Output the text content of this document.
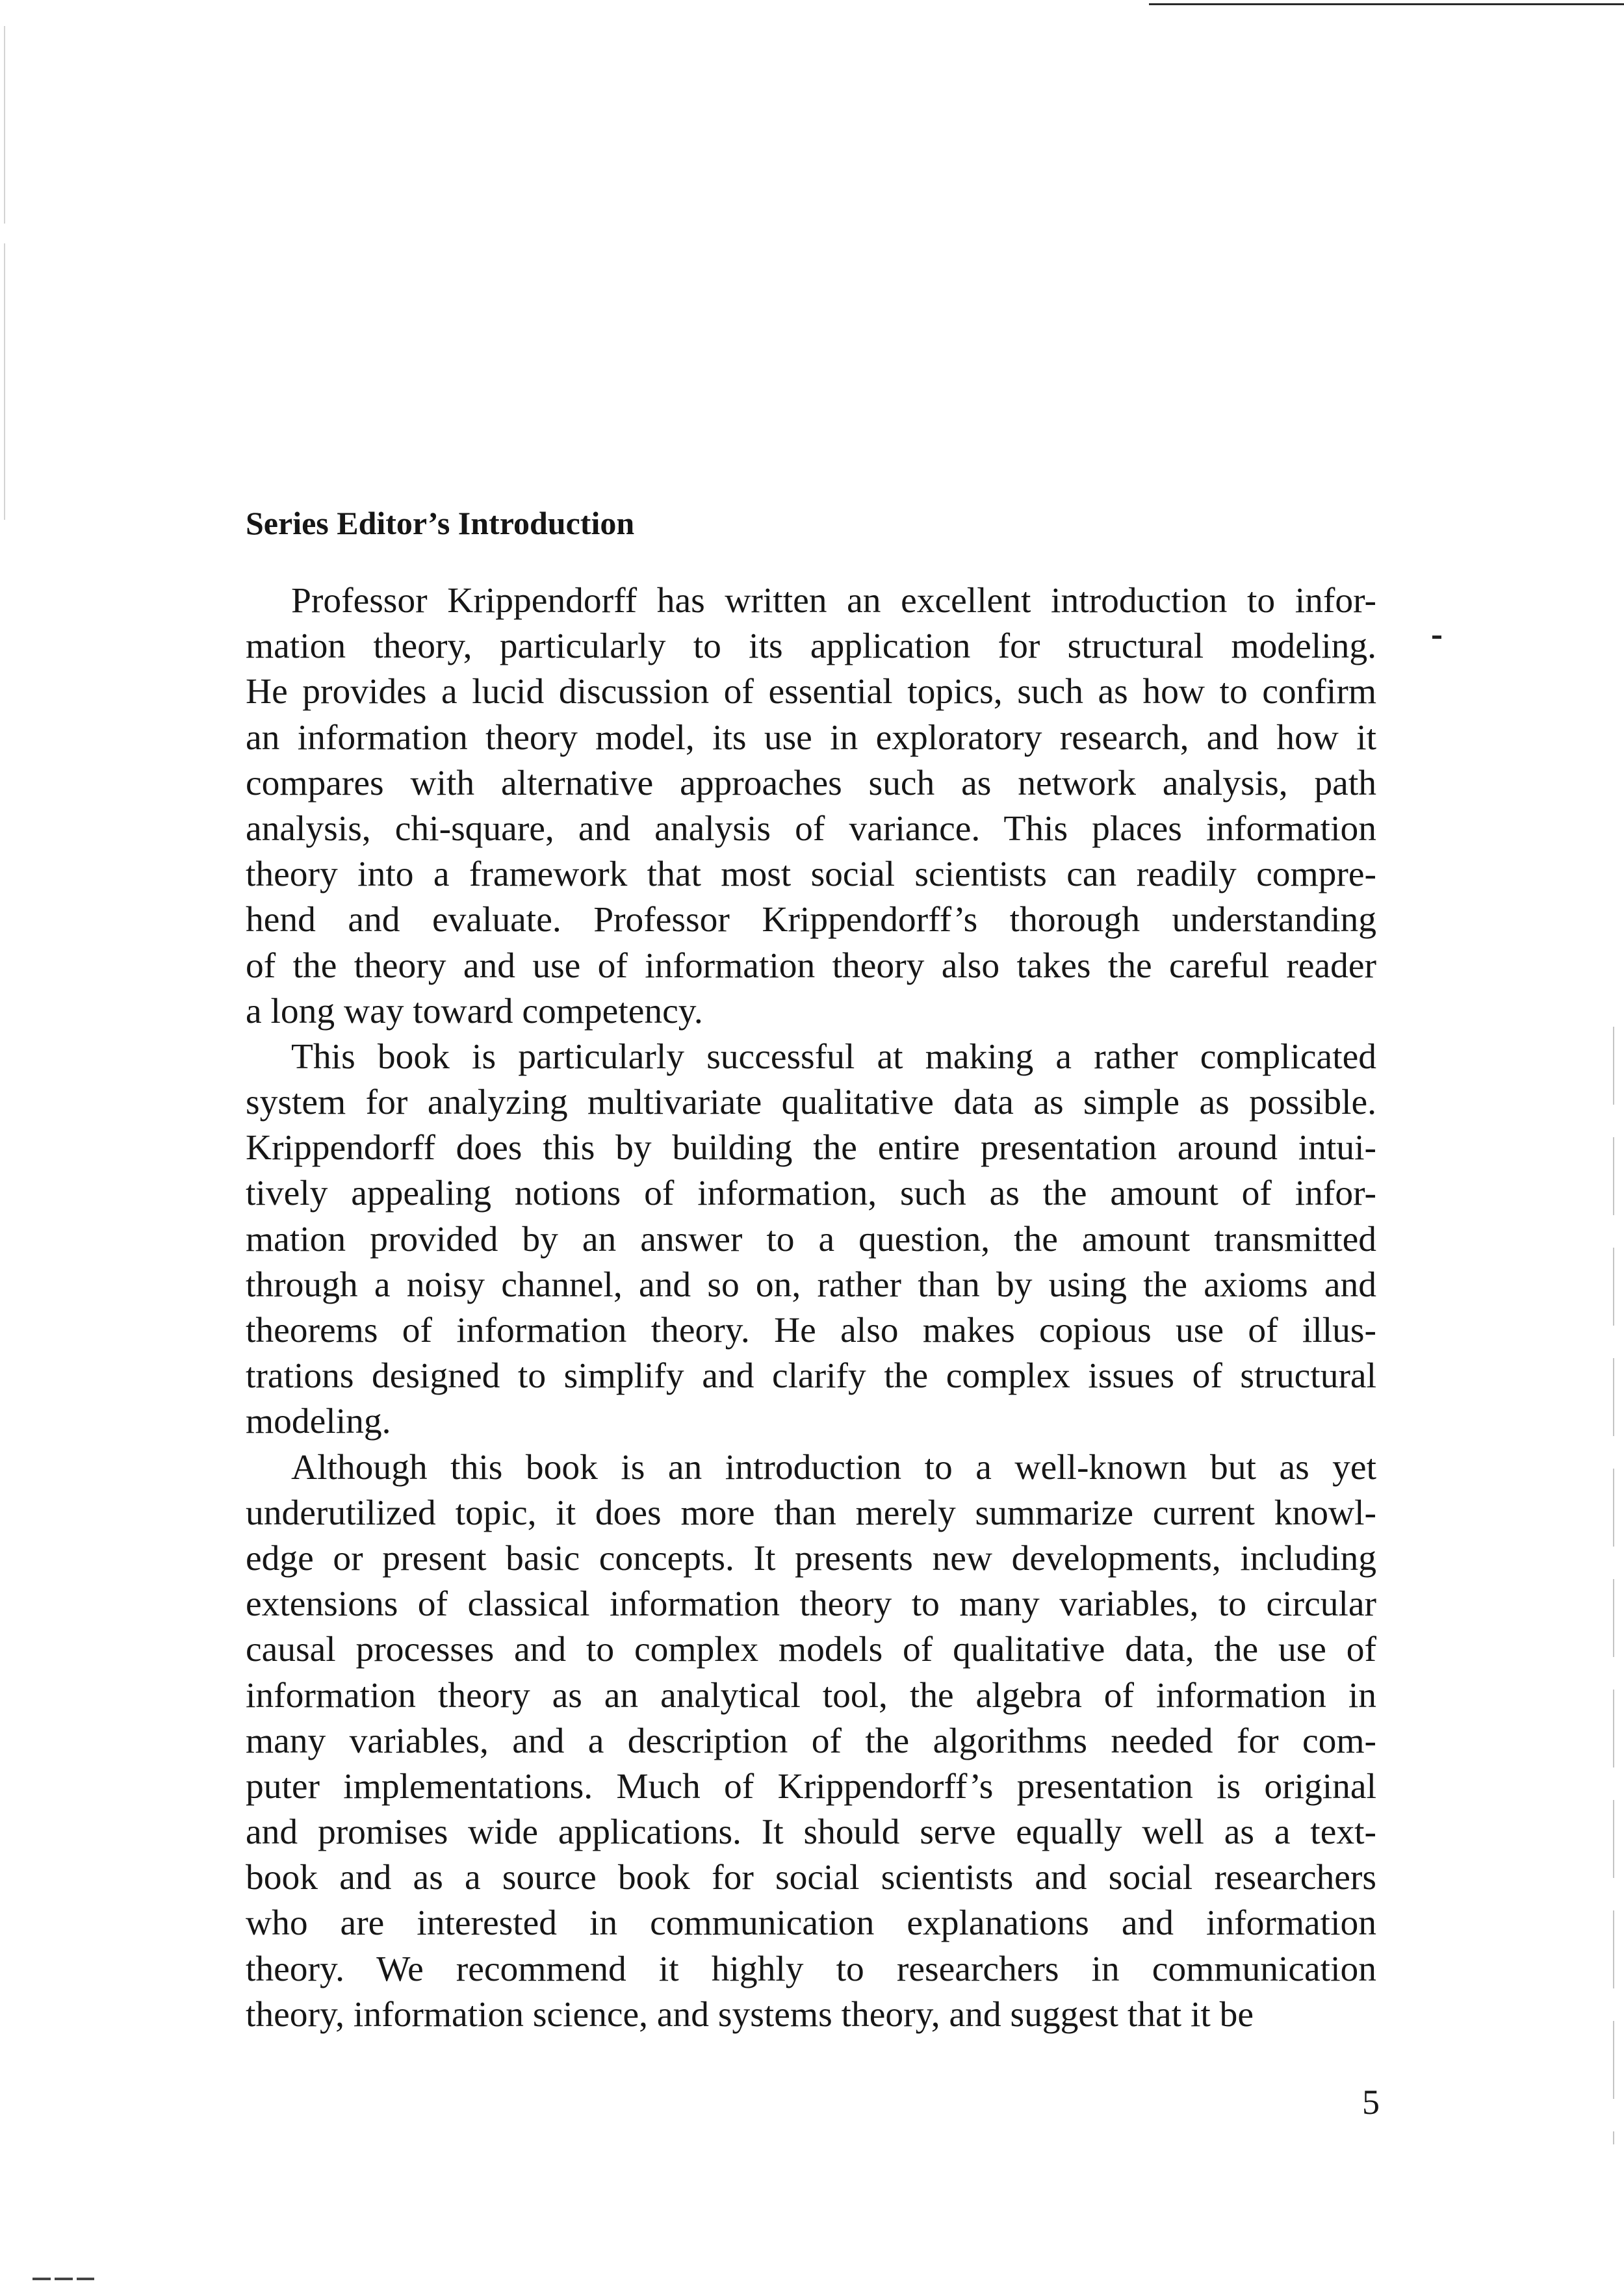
Series Editor’s Introduction
Professor Krippendorff has written an excellent introduction to infor-
mation theory, particularly to its application for structural modeling.
He provides a lucid discussion of essential topics, such as how to confirm
an information theory model, its use in exploratory research, and how it
compares with alternative approaches such as network analysis, path
analysis, chi-square, and analysis of variance. This places information
theory into a framework that most social scientists can readily compre-
hend and evaluate. Professor Krippendorff’s thorough understanding
of the theory and use of information theory also takes the careful reader
a long way toward competency.
This book is particularly successful at making a rather complicated
system for analyzing multivariate qualitative data as simple as possible.
Krippendorff does this by building the entire presentation around intui-
tively appealing notions of information, such as the amount of infor-
mation provided by an answer to a question, the amount transmitted
through a noisy channel, and so on, rather than by using the axioms and
theorems of information theory. He also makes copious use of illus-
trations designed to simplify and clarify the complex issues of structural
modeling.
Although this book is an introduction to a well-known but as yet
underutilized topic, it does more than merely summarize current knowl-
edge or present basic concepts. It presents new developments, including
extensions of classical information theory to many variables, to circular
causal processes and to complex models of qualitative data, the use of
information theory as an analytical tool, the algebra of information in
many variables, and a description of the algorithms needed for com-
puter implementations. Much of Krippendorff’s presentation is original
and promises wide applications. It should serve equally well as a text-
book and as a source book for social scientists and social researchers
who are interested in communication explanations and information
theory. We recommend it highly to researchers in communication
theory, information science, and systems theory, and suggest that it be
5
